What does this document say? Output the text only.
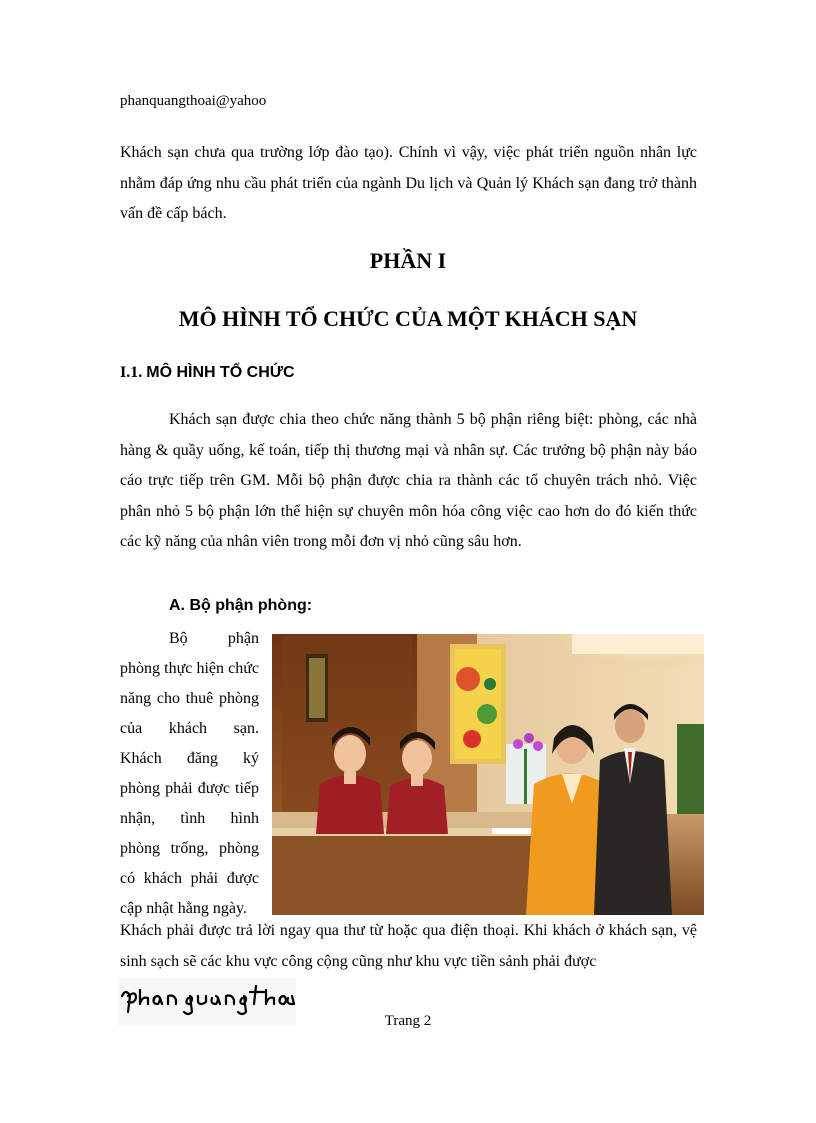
phanquangthoai@yahoo
Khách sạn chưa qua trường lớp đào tạo). Chính vì vậy, việc phát triển nguồn nhân lực nhằm đáp ứng nhu cầu phát triển của ngành Du lịch và Quản lý Khách sạn đang trở thành vấn đề cấp bách.
PHẦN I
MÔ HÌNH TỔ CHỨC CỦA MỘT KHÁCH SẠN
I.1. MÔ HÌNH TỔ CHỨC
Khách sạn được chia theo chức năng thành 5 bộ phận riêng biệt: phòng, các nhà hàng & quầy uống, kế toán, tiếp thị thương mại và nhân sự. Các trưởng bộ phận này báo cáo trực tiếp trên GM. Mỗi bộ phận được chia ra thành các tổ chuyên trách nhỏ. Việc phân nhỏ 5 bộ phận lớn thể hiện sự chuyên môn hóa công việc cao hơn do đó kiến thức các kỹ năng của nhân viên trong mỗi đơn vị nhỏ cũng sâu hơn.
A. Bộ phận phòng:
Bộ phận phòng thực hiện chức năng cho thuê phòng của khách sạn. Khách đăng ký phòng phải được tiếp nhận, tình hình phòng trống, phòng có khách phải được cập nhật hằng ngày.
Khách phải được trả lời ngay qua thư từ hoặc qua điện thoại. Khi khách ở khách sạn, vệ sinh sạch sẽ các khu vực công cộng cũng như khu vực tiền sảnh phải được
Trang 2
